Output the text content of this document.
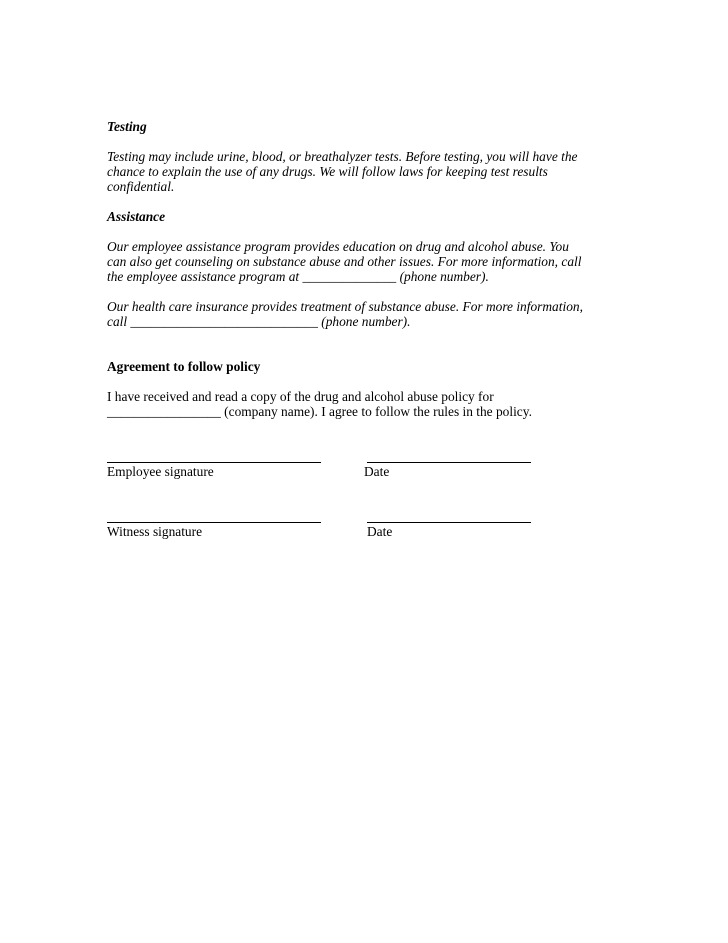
Testing
Testing may include urine, blood, or breathalyzer tests. Before testing, you will have the
chance to explain the use of any drugs. We will follow laws for keeping test results
confidential.
Assistance
Our employee assistance program provides education on drug and alcohol abuse. You
can also get counseling on substance abuse and other issues. For more information, call
the employee assistance program at ______________ (phone number).
Our health care insurance provides treatment of substance abuse. For more information,
call ____________________________ (phone number).
Agreement to follow policy
I have received and read a copy of the drug and alcohol abuse policy for
_________________ (company name). I agree to follow the rules in the policy.
Employee signature	Date
Witness signature	Date
